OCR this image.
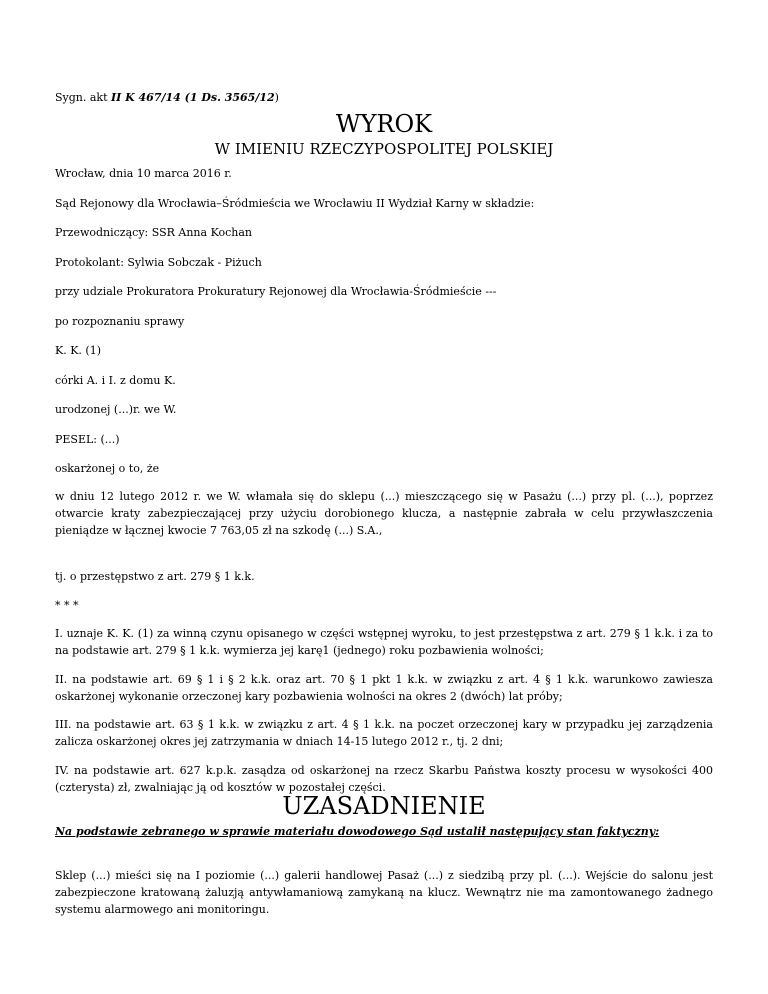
Sygn. akt II K 467/14 (1 Ds. 3565/12)
WYROK
W IMIENIU RZECZYPOSPOLITEJ POLSKIEJ
Wrocław, dnia 10 marca 2016 r.
Sąd Rejonowy dla Wrocławia–Śródmieścia we Wrocławiu II Wydział Karny w składzie:
Przewodniczący: SSR Anna Kochan
Protokolant: Sylwia Sobczak - Piżuch
przy udziale Prokuratora Prokuratury Rejonowej dla Wrocławia-Śródmieście ---
po rozpoznaniu sprawy
K. K. (1)
córki A. i I. z domu K.
urodzonej (...)r. we W.
PESEL: (...)
oskarżonej o to, że
w dniu 12 lutego 2012 r. we W. włamała się do sklepu (...) mieszczącego się w Pasażu (...) przy pl. (...), poprzez otwarcie kraty zabezpieczającej przy użyciu dorobionego klucza, a następnie zabrała w celu przywłaszczenia pieniądze w łącznej kwocie 7 763,05 zł na szkodę (...) S.A.,
tj. o przestępstwo z art. 279 § 1 k.k.
* * *
I. uznaje K. K. (1) za winną czynu opisanego w części wstępnej wyroku, to jest przestępstwa z art. 279 § 1 k.k. i za to na podstawie art. 279 § 1 k.k. wymierza jej karę1 (jednego) roku pozbawienia wolności;
II. na podstawie art. 69 § 1 i § 2 k.k. oraz art. 70 § 1 pkt 1 k.k. w związku z art. 4 § 1 k.k. warunkowo zawiesza oskarżonej wykonanie orzeczonej kary pozbawienia wolności na okres 2 (dwóch) lat próby;
III. na podstawie art. 63 § 1 k.k. w związku z art. 4 § 1 k.k. na poczet orzeczonej kary w przypadku jej zarządzenia zalicza oskarżonej okres jej zatrzymania w dniach 14-15 lutego 2012 r., tj. 2 dni;
IV. na podstawie art. 627 k.p.k. zasądza od oskarżonej na rzecz Skarbu Państwa koszty procesu w wysokości 400 (czterysta) zł, zwalniając ją od kosztów w pozostałej części.
UZASADNIENIE
Na podstawie zebranego w sprawie materiału dowodowego Sąd ustalił następujący stan faktyczny:
Sklep (...) mieści się na I poziomie (...) galerii handlowej Pasaż (...) z siedzibą przy pl. (...). Wejście do salonu jest zabezpieczone kratowaną żaluzją antywłamaniową zamykaną na klucz. Wewnątrz nie ma zamontowanego żadnego systemu alarmowego ani monitoringu.
